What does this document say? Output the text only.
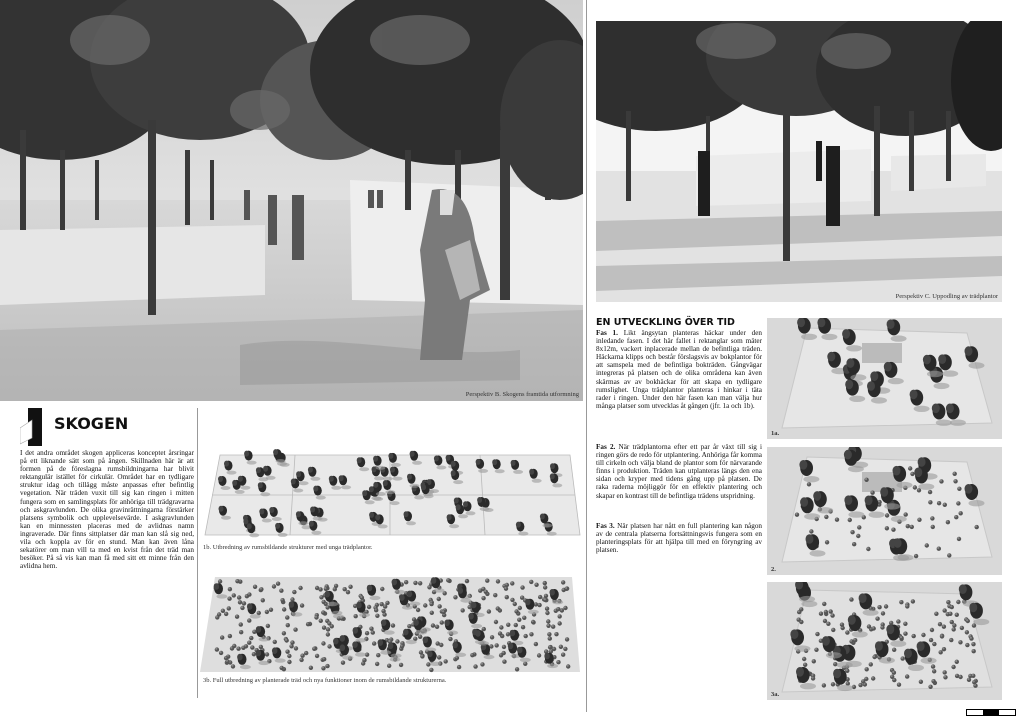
Perspektiv B. Skogens framtida utformning
Perspektiv C. Uppodling av trädplantor
SKOGEN
I det andra området skogen appliceras konceptet årsringar på ett liknande sätt som på ängen. Skillnaden här är att formen på de föreslagna rumsbildningarna har blivit rektangulär istället för cirkulär. Området har en tydligare struktur idag och tillägg måste anpassas efter befintlig vegetation. När träden vuxit till sig kan ringen i mitten fungera som en samlingsplats för anhöriga till trädgravarna och askgravlunden. De olika gravinrättningarna förstärker platsens symbolik och upplevelsevärde. I askgravlunden kan en minnessten placeras med de avlidnas namn ingraverade. Där finns sittplatser där man kan slå sig ned, vila och koppla av för en stund. Man kan även låna sekatörer om man vill ta med en kvist från det träd man besöker. På så vis kan man få med sitt ett minne från den avlidna hem.
1b. Utbredning av rumsbildande strukturer med unga trädplantor.
3b. Full utbredning av planterade träd och nya funktioner inom de rumsbildande strukturerna.
EN UTVECKLING ÖVER TID
Fas 1. Likt ängsytan planteras häckar under den inledande fasen. I det här fallet i rektanglar som mäter 8x12m, vackert inplacerade mellan de befintliga träden. Häckarna klipps och består förslagsvis av bokplantor för att samspela med de befintliga bokträden. Gångvägar integreras på platsen och de olika områdena kan även skärmas av av bokhäckar för att skapa en tydligare rumslighet. Unga trädplantor planteras i hinkar i täta rader i ringen. Under den här fasen kan man välja hur många platser som utvecklas åt gången (jfr. 1a och 1b).
Fas 2. När trädplantorna efter ett par år växt till sig i ringen görs de redo för utplantering. Anhöriga får komma till cirkeln och välja bland de plantor som för närvarande finns i produktion. Träden kan utplanteras längs den ena sidan och kryper med tidens gång upp på platsen. De raka raderna möjliggör för en effektiv plantering och skapar en kontrast till de befintliga trädens utspridning.
Fas 3. När platsen har nått en full plantering kan någon av de centrala platserna fortsättningsvis fungera som en planteringsplats för att hjälpa till med en föryngring av platsen.
1a.
2.
3a.
